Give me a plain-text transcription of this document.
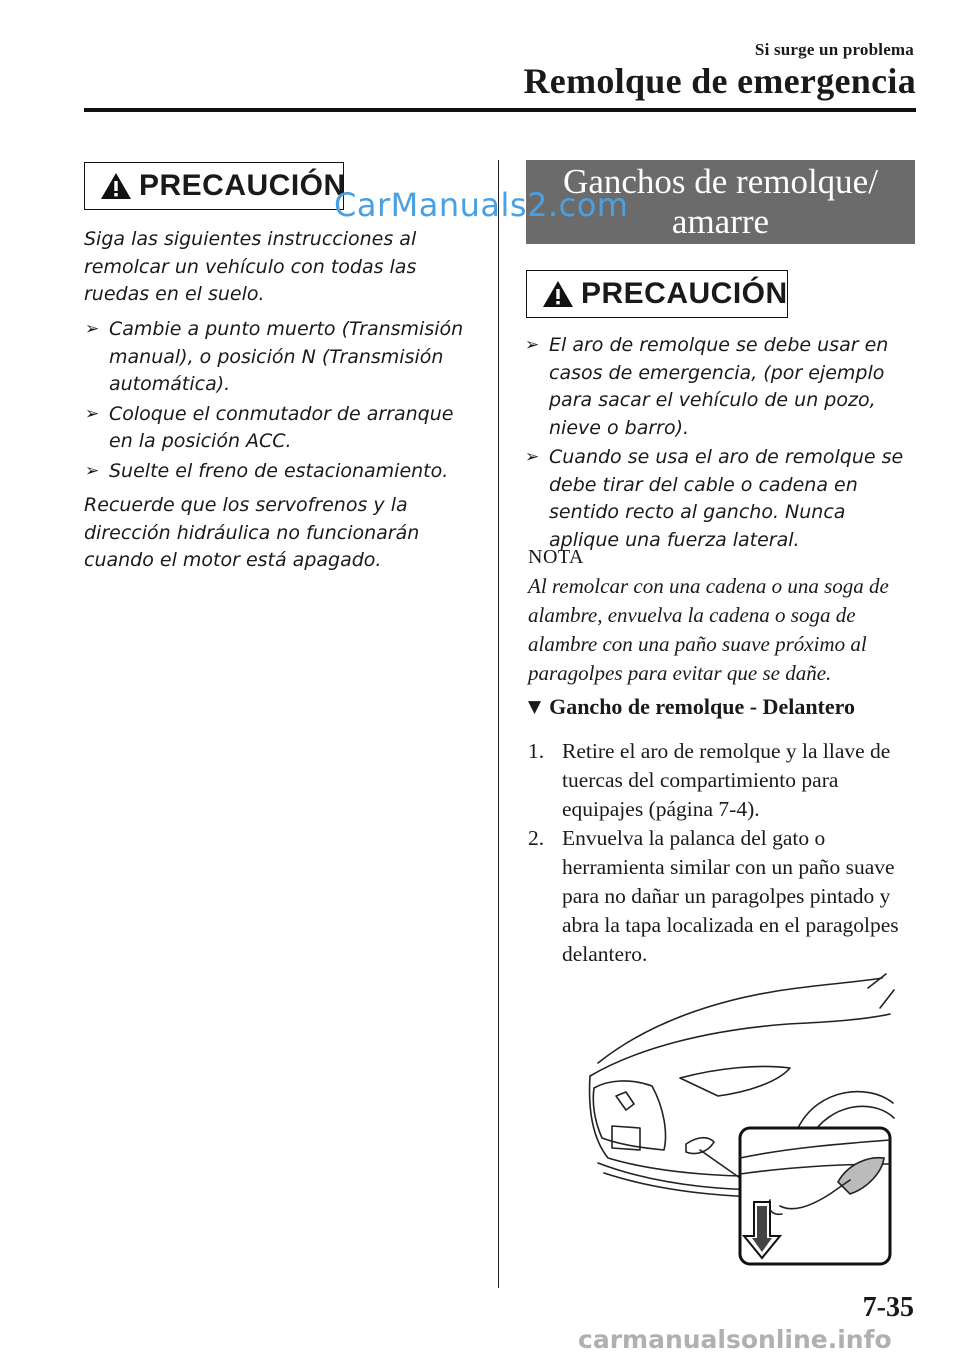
Si surge un problema
Remolque de emergencia
PRECAUCIÓN

Siga las siguientes instrucciones al remolcar un vehículo con todas las ruedas en el suelo.

➢ Cambie a punto muerto (Transmisión manual), o posición N (Transmisión automática).
➢ Coloque el conmutador de arranque en la posición ACC.
➢ Suelte el freno de estacionamiento.

Recuerde que los servofrenos y la dirección hidráulica no funcionarán cuando el motor está apagado.

Ganchos de remolque/
amarre
PRECAUCIÓN
➢ El aro de remolque se debe usar en casos de emergencia, (por ejemplo para sacar el vehículo de un pozo, nieve o barro).
➢ Cuando se usa el aro de remolque se debe tirar del cable o cadena en sentido recto al gancho. Nunca aplique una fuerza lateral.
NOTA

Al remolcar con una cadena o una soga de alambre, envuelva la cadena o soga de alambre con una paño suave próximo al paragolpes para evitar que se dañe.

▼ Gancho de remolque - Delantero
1. Retire el aro de remolque y la llave de tuercas del compartimiento para equipajes (página 7-4).
2. Envuelva la palanca del gato o herramienta similar con un paño suave para no dañar un paragolpes pintado y abra la tapa localizada en el paragolpes delantero.
7-35
CarManuals2.com
carmanualsonline.info
